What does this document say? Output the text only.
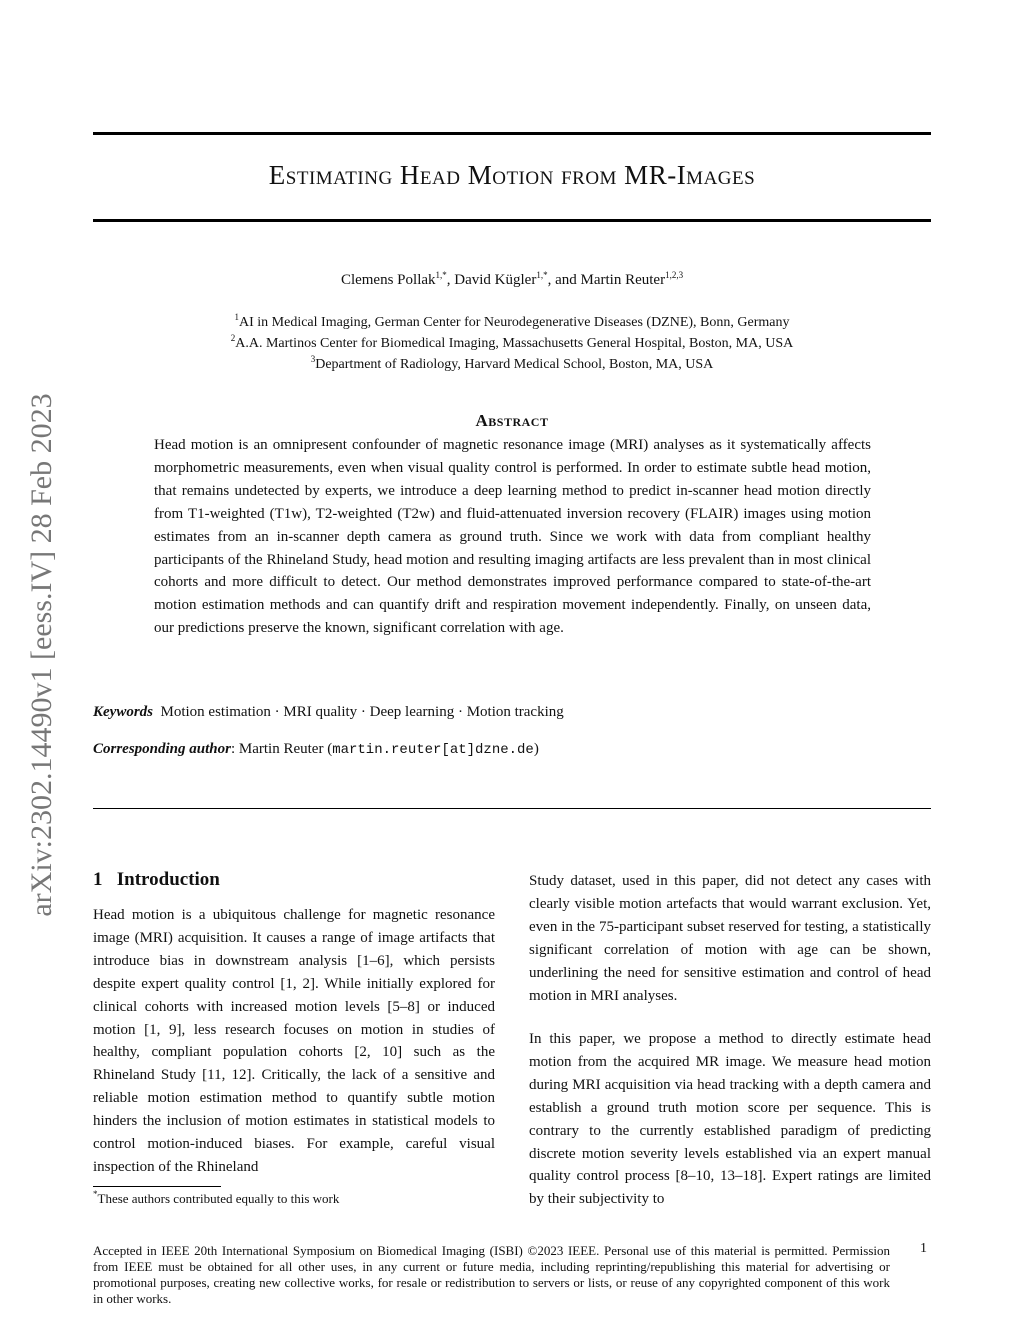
arXiv:2302.14490v1 [eess.IV] 28 Feb 2023
Estimating Head Motion from MR-Images
Clemens Pollak$^{1,*}$, David Kügler$^{1,*}$, and Martin Reuter$^{1,2,3}$
$^1$AI in Medical Imaging, German Center for Neurodegenerative Diseases (DZNE), Bonn, Germany
$^2$A.A. Martinos Center for Biomedical Imaging, Massachusetts General Hospital, Boston, MA, USA
$^3$Department of Radiology, Harvard Medical School, Boston, MA, USA
Abstract

Head motion is an omnipresent confounder of magnetic resonance image (MRI) analyses as it systematically affects morphometric measurements, even when visual quality control is performed. In order to estimate subtle head motion, that remains undetected by experts, we introduce a deep learning method to predict in-scanner head motion directly from T1-weighted (T1w), T2-weighted (T2w) and fluid-attenuated inversion recovery (FLAIR) images using motion estimates from an in-scanner depth camera as ground truth. Since we work with data from compliant healthy participants of the Rhineland Study, head motion and resulting imaging artifacts are less prevalent than in most clinical cohorts and more difficult to detect. Our method demonstrates improved performance compared to state-of-the-art motion estimation methods and can quantify drift and respiration movement independently. Finally, on unseen data, our predictions preserve the known, significant correlation with age.

Keywords Motion estimation · MRI quality · Deep learning · Motion tracking
Corresponding author: Martin Reuter (martin.reuter[at]dzne.de)
1 Introduction

Head motion is a ubiquitous challenge for magnetic resonance image (MRI) acquisition. It causes a range of image artifacts that introduce bias in downstream analysis [1–6], which persists despite expert quality control [1, 2]. While initially explored for clinical cohorts with increased motion levels [5–8] or induced motion [1, 9], less research focuses on motion in studies of healthy, compliant population cohorts [2, 10] such as the Rhineland Study [11, 12]. Critically, the lack of a sensitive and reliable motion estimation method to quantify subtle motion hinders the inclusion of motion estimates in statistical models to control motion-induced biases. For example, careful visual inspection of the Rhineland

Study dataset, used in this paper, did not detect any cases with clearly visible motion artefacts that would warrant exclusion. Yet, even in the 75-participant subset reserved for testing, a statistically significant correlation of motion with age can be shown, underlining the need for sensitive estimation and control of head motion in MRI analyses.

In this paper, we propose a method to directly estimate head motion from the acquired MR image. We measure head motion during MRI acquisition via head tracking with a depth camera and establish a ground truth motion score per sequence. This is contrary to the currently established paradigm of predicting discrete motion severity levels established via an expert manual quality control process [8–10, 13–18]. Expert ratings are limited by their subjectivity to

*These authors contributed equally to this work

Accepted in IEEE 20th International Symposium on Biomedical Imaging (ISBI) ©2023 IEEE. Personal use of this material is permitted. Permission from IEEE must be obtained for all other uses, in any current or future media, including reprinting/republishing this material for advertising or promotional purposes, creating new collective works, for resale or redistribution to servers or lists, or reuse of any copyrighted component of this work in other works.

1
